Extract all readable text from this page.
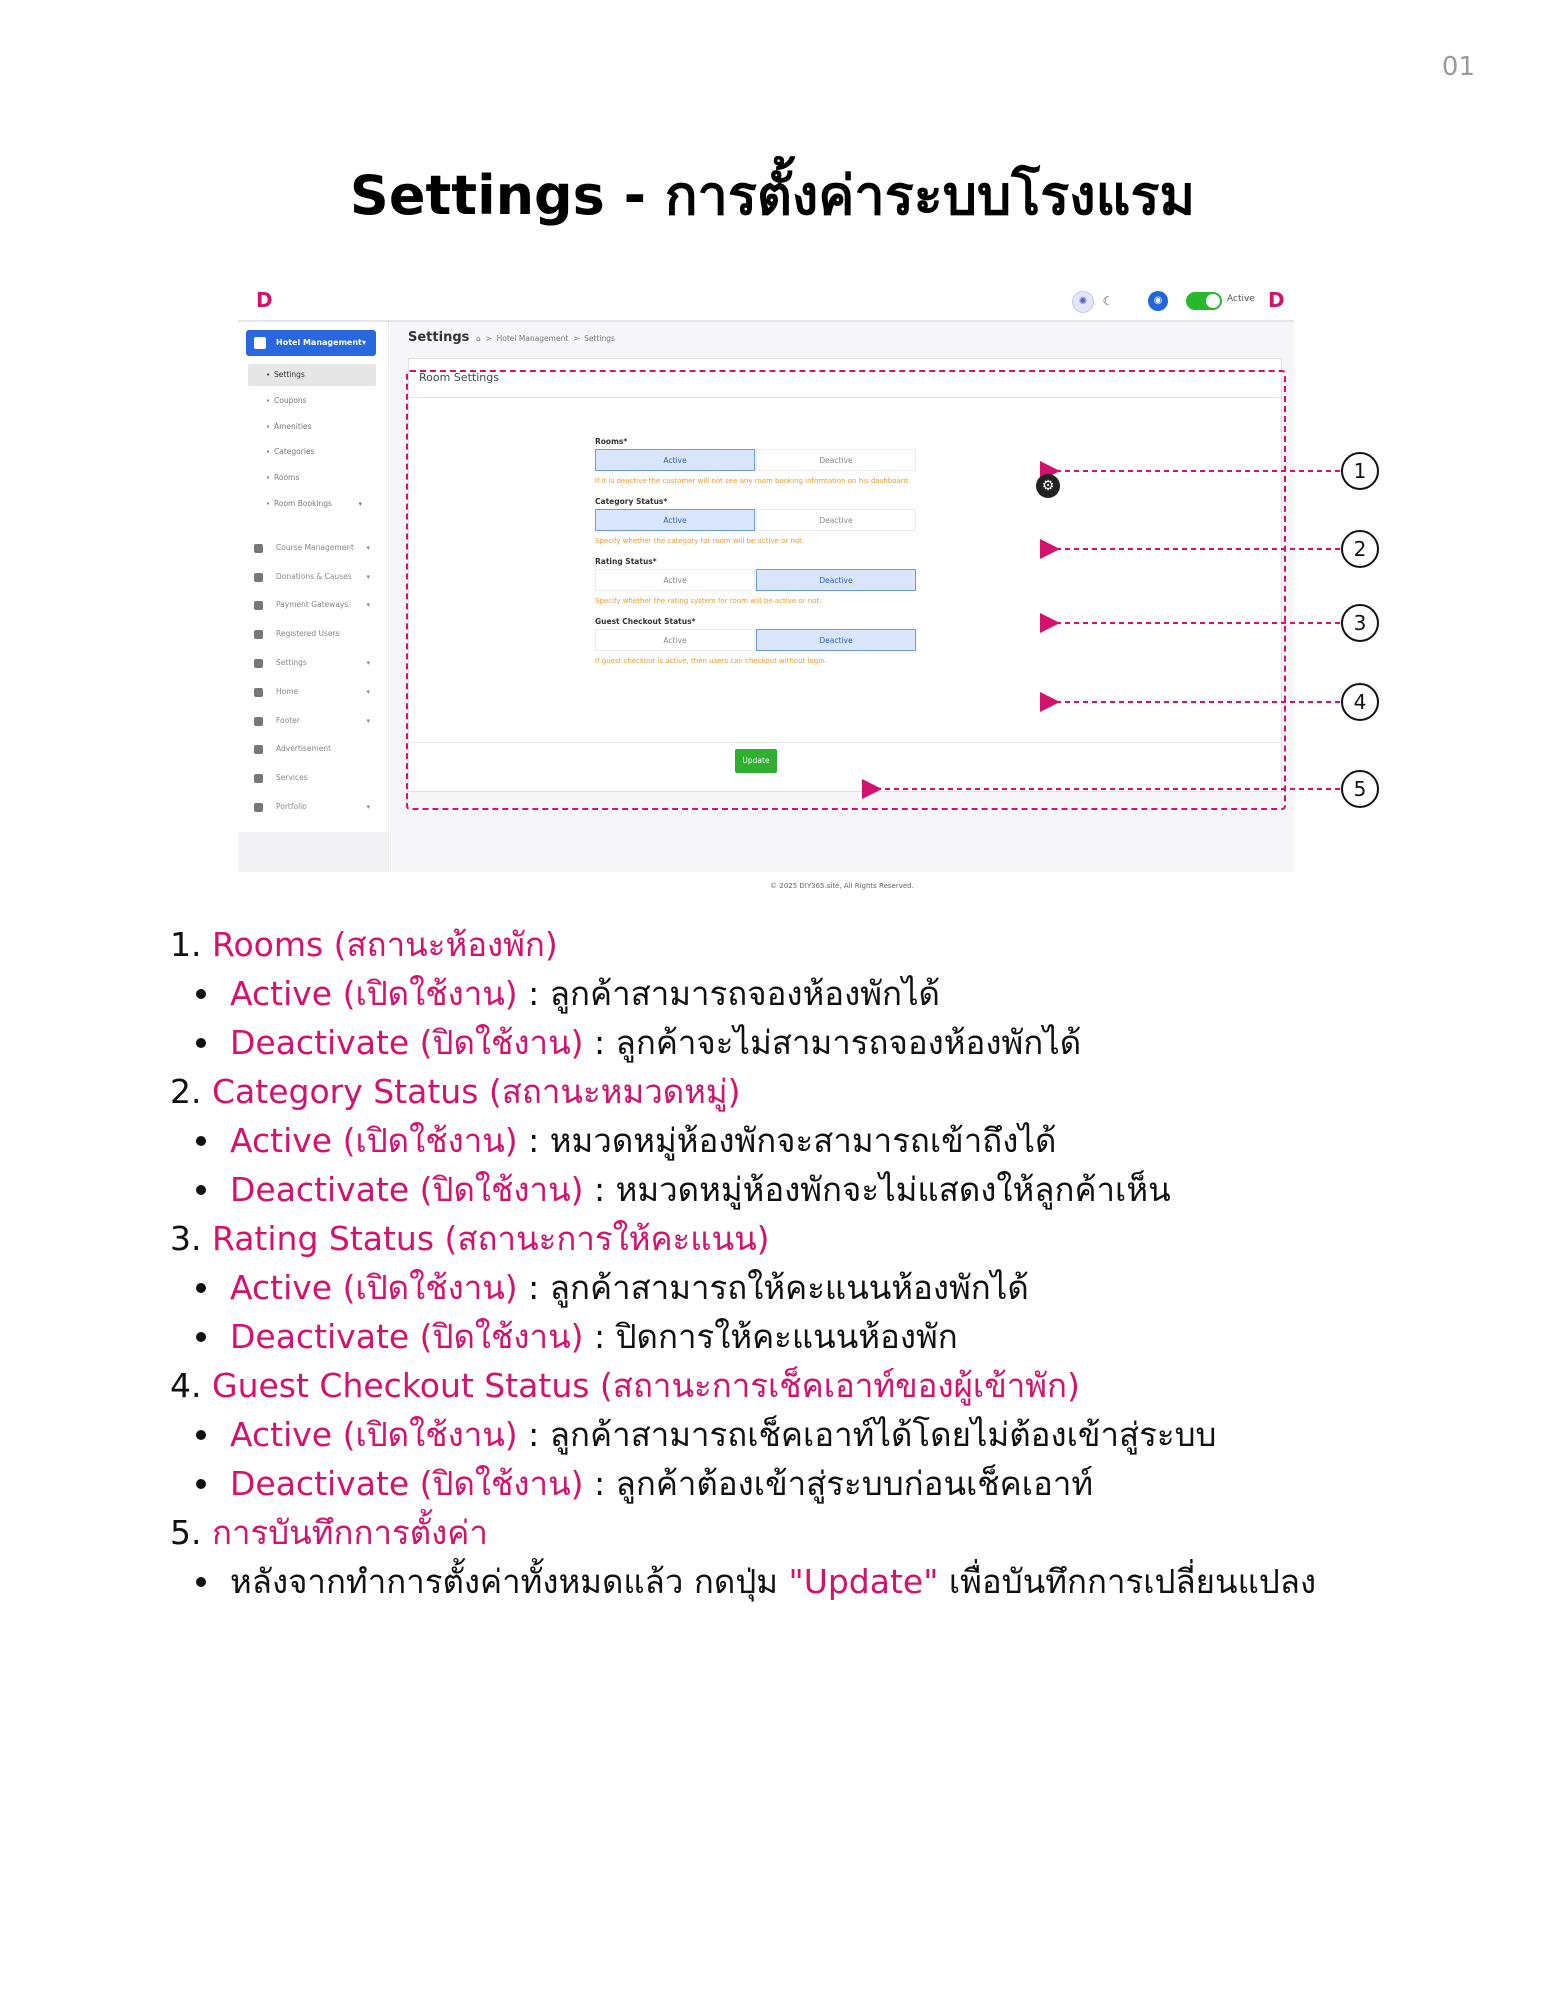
01
Settings - การตั้งค่าระบบโรงแรม
D	✺	☾	◉	Active D
Hotel Management ▾
• Settings
• Coupons
• Amenities
• Categories
• Rooms
• Room Bookings	▾
Course Management ▾
Donations & Causes ▾
Payment Gateways	▾
Registered Users
Settings	▾
Home	▾
Footer	▾
Advertisement
Services
Portfolio	▾
Settings ⌂ > Hotel Management > Settings
Room Settings
Rooms*
Active	Deactive
If it is deactive the customer will not see any room booking information on his dashboard.
Category Status*
Active	Deactive
Specify whether the category for room will be active or not.
Rating Status*
Active	Deactive
Specify whether the rating system for room will be active or not.
Guest Checkout Status*
Active	Deactive
If guest checkout is active, then users can checkout without login.
Update
© 2025 DIY365.site, All Rights Reserved.
1
2
3
4
5
⚙
1. Rooms (สถานะห้องพัก)
Active (เปิดใช้งาน) : ลูกค้าสามารถจองห้องพักได้
Deactivate (ปิดใช้งาน) : ลูกค้าจะไม่สามารถจองห้องพักได้
2. Category Status (สถานะหมวดหมู่)
Active (เปิดใช้งาน) : หมวดหมู่ห้องพักจะสามารถเข้าถึงได้
Deactivate (ปิดใช้งาน) : หมวดหมู่ห้องพักจะไม่แสดงให้ลูกค้าเห็น
3. Rating Status (สถานะการให้คะแนน)
Active (เปิดใช้งาน) : ลูกค้าสามารถให้คะแนนห้องพักได้
Deactivate (ปิดใช้งาน) : ปิดการให้คะแนนห้องพัก
4. Guest Checkout Status (สถานะการเช็คเอาท์ของผู้เข้าพัก)
Active (เปิดใช้งาน) : ลูกค้าสามารถเช็คเอาท์ได้โดยไม่ต้องเข้าสู่ระบบ
Deactivate (ปิดใช้งาน) : ลูกค้าต้องเข้าสู่ระบบก่อนเช็คเอาท์
5. การบันทึกการตั้งค่า
หลังจากทำการตั้งค่าทั้งหมดแล้ว กดปุ่ม "Update" เพื่อบันทึกการเปลี่ยนแปลง
